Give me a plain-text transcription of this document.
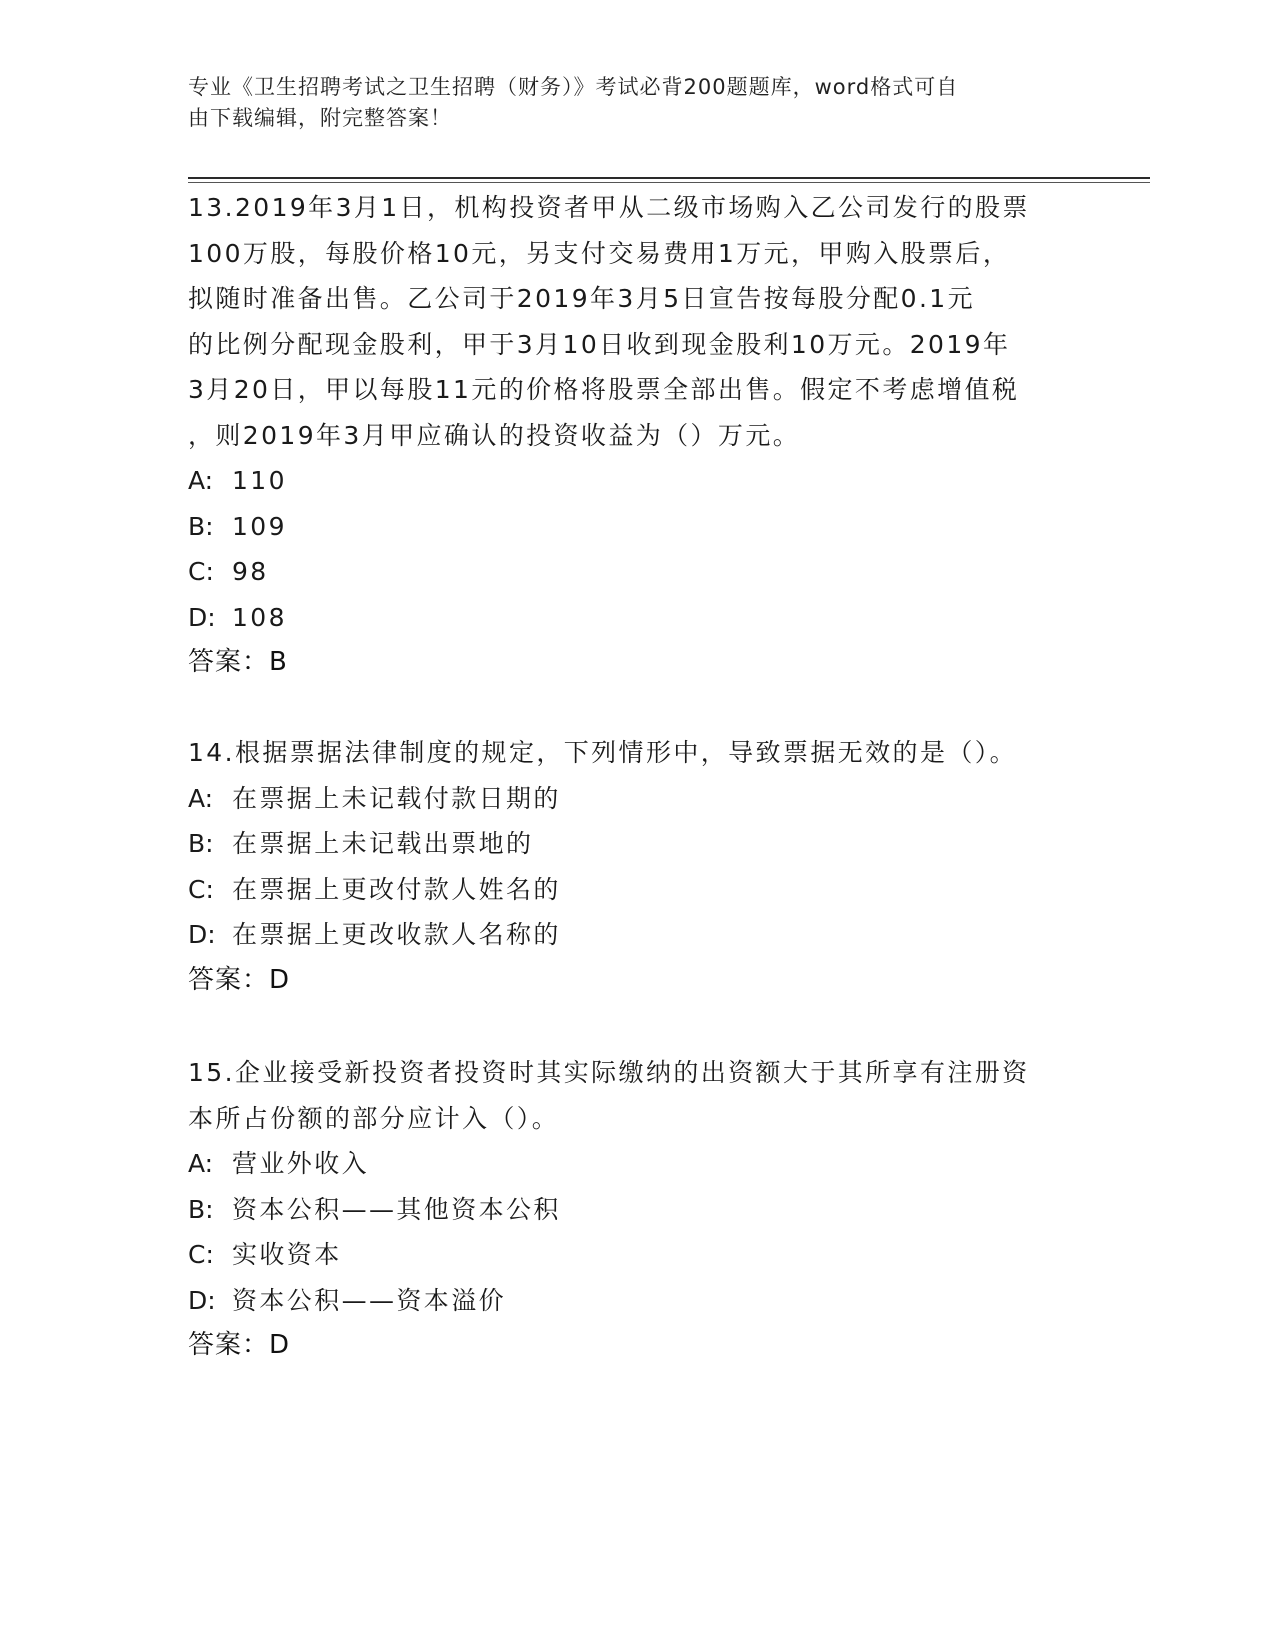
专业《卫生招聘考试之卫生招聘（财务）》考试必背200题题库，word格式可自
由下载编辑，附完整答案！
13.2019年3月1日，机构投资者甲从二级市场购入乙公司发行的股票
100万股，每股价格10元，另支付交易费用1万元，甲购入股票后，
拟随时准备出售。乙公司于2019年3月5日宣告按每股分配0.1元
的比例分配现金股利，甲于3月10日收到现金股利10万元。2019年
3月20日，甲以每股11元的价格将股票全部出售。假定不考虑增值税
，则2019年3月甲应确认的投资收益为（）万元。
A: 110
B: 109
C: 98
D: 108
答案：B
14.根据票据法律制度的规定，下列情形中，导致票据无效的是（）。
A: 在票据上未记载付款日期的
B: 在票据上未记载出票地的
C: 在票据上更改付款人姓名的
D: 在票据上更改收款人名称的
答案：D
15.企业接受新投资者投资时其实际缴纳的出资额大于其所享有注册资
本所占份额的部分应计入（）。
A: 营业外收入
B: 资本公积——其他资本公积
C: 实收资本
D: 资本公积——资本溢价
答案：D
